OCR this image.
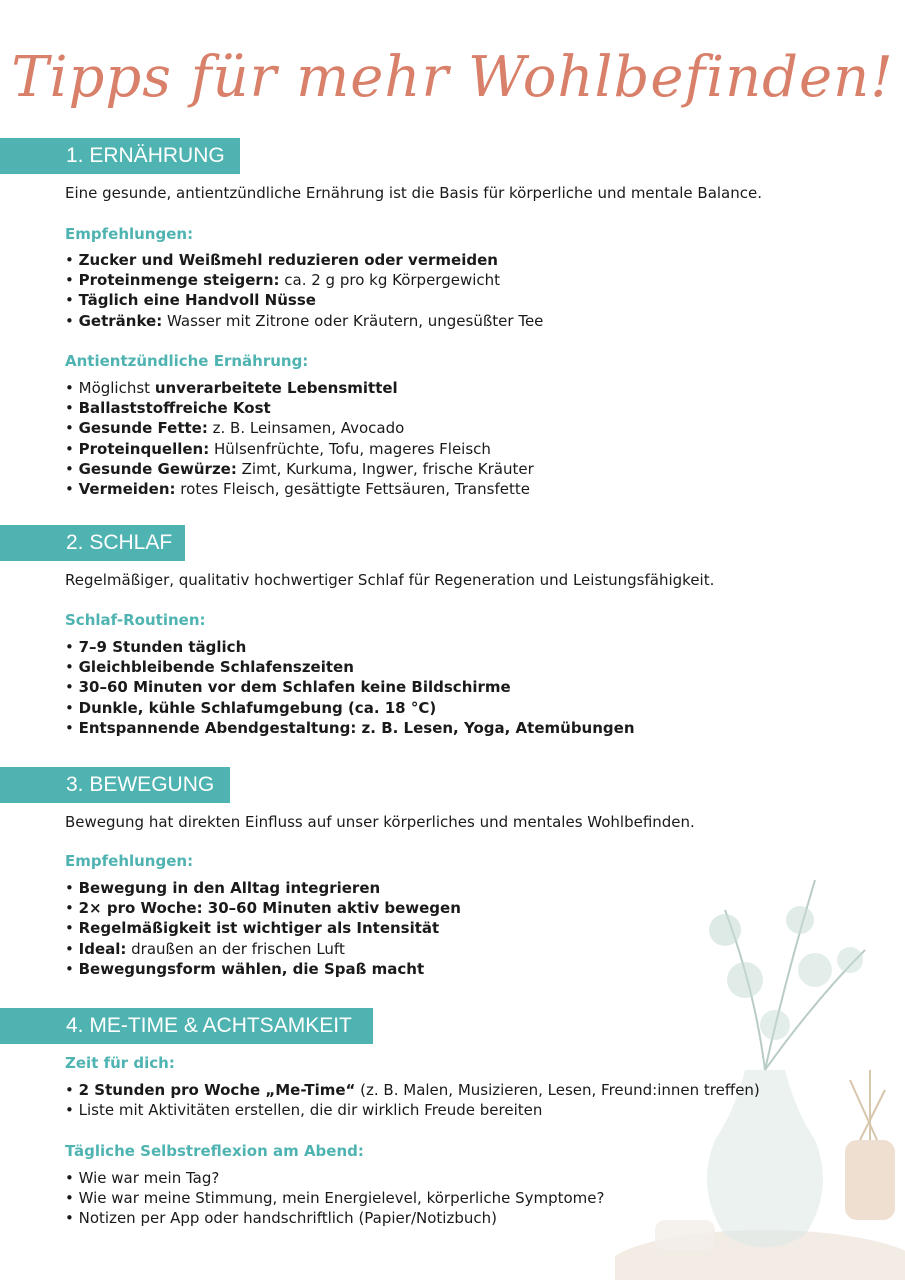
Tipps für mehr Wohlbefinden!
1. ERNÄHRUNG
Eine gesunde, antientzündliche Ernährung ist die Basis für körperliche und mentale Balance.
Empfehlungen:
• Zucker und Weißmehl reduzieren oder vermeiden
• Proteinmenge steigern: ca. 2 g pro kg Körpergewicht
• Täglich eine Handvoll Nüsse
• Getränke: Wasser mit Zitrone oder Kräutern, ungesüßter Tee
Antientzündliche Ernährung:
• Möglichst unverarbeitete Lebensmittel
• Ballaststoffreiche Kost
• Gesunde Fette: z. B. Leinsamen, Avocado
• Proteinquellen: Hülsenfrüchte, Tofu, mageres Fleisch
• Gesunde Gewürze: Zimt, Kurkuma, Ingwer, frische Kräuter
• Vermeiden: rotes Fleisch, gesättigte Fettsäuren, Transfette
2. SCHLAF
Regelmäßiger, qualitativ hochwertiger Schlaf für Regeneration und Leistungsfähigkeit.
Schlaf-Routinen:
• 7–9 Stunden täglich
• Gleichbleibende Schlafenszeiten
• 30–60 Minuten vor dem Schlafen keine Bildschirme
• Dunkle, kühle Schlafumgebung (ca. 18 °C)
• Entspannende Abendgestaltung: z. B. Lesen, Yoga, Atemübungen
3. BEWEGUNG
Bewegung hat direkten Einfluss auf unser körperliches und mentales Wohlbefinden.
Empfehlungen:
• Bewegung in den Alltag integrieren
• 2× pro Woche: 30–60 Minuten aktiv bewegen
• Regelmäßigkeit ist wichtiger als Intensität
• Ideal: draußen an der frischen Luft
• Bewegungsform wählen, die Spaß macht
4. ME-TIME & ACHTSAMKEIT
Zeit für dich:
• 2 Stunden pro Woche „Me-Time“ (z. B. Malen, Musizieren, Lesen, Freund:innen treffen)
• Liste mit Aktivitäten erstellen, die dir wirklich Freude bereiten
Tägliche Selbstreflexion am Abend:
• Wie war mein Tag?
• Wie war meine Stimmung, mein Energielevel, körperliche Symptome?
• Notizen per App oder handschriftlich (Papier/Notizbuch)
